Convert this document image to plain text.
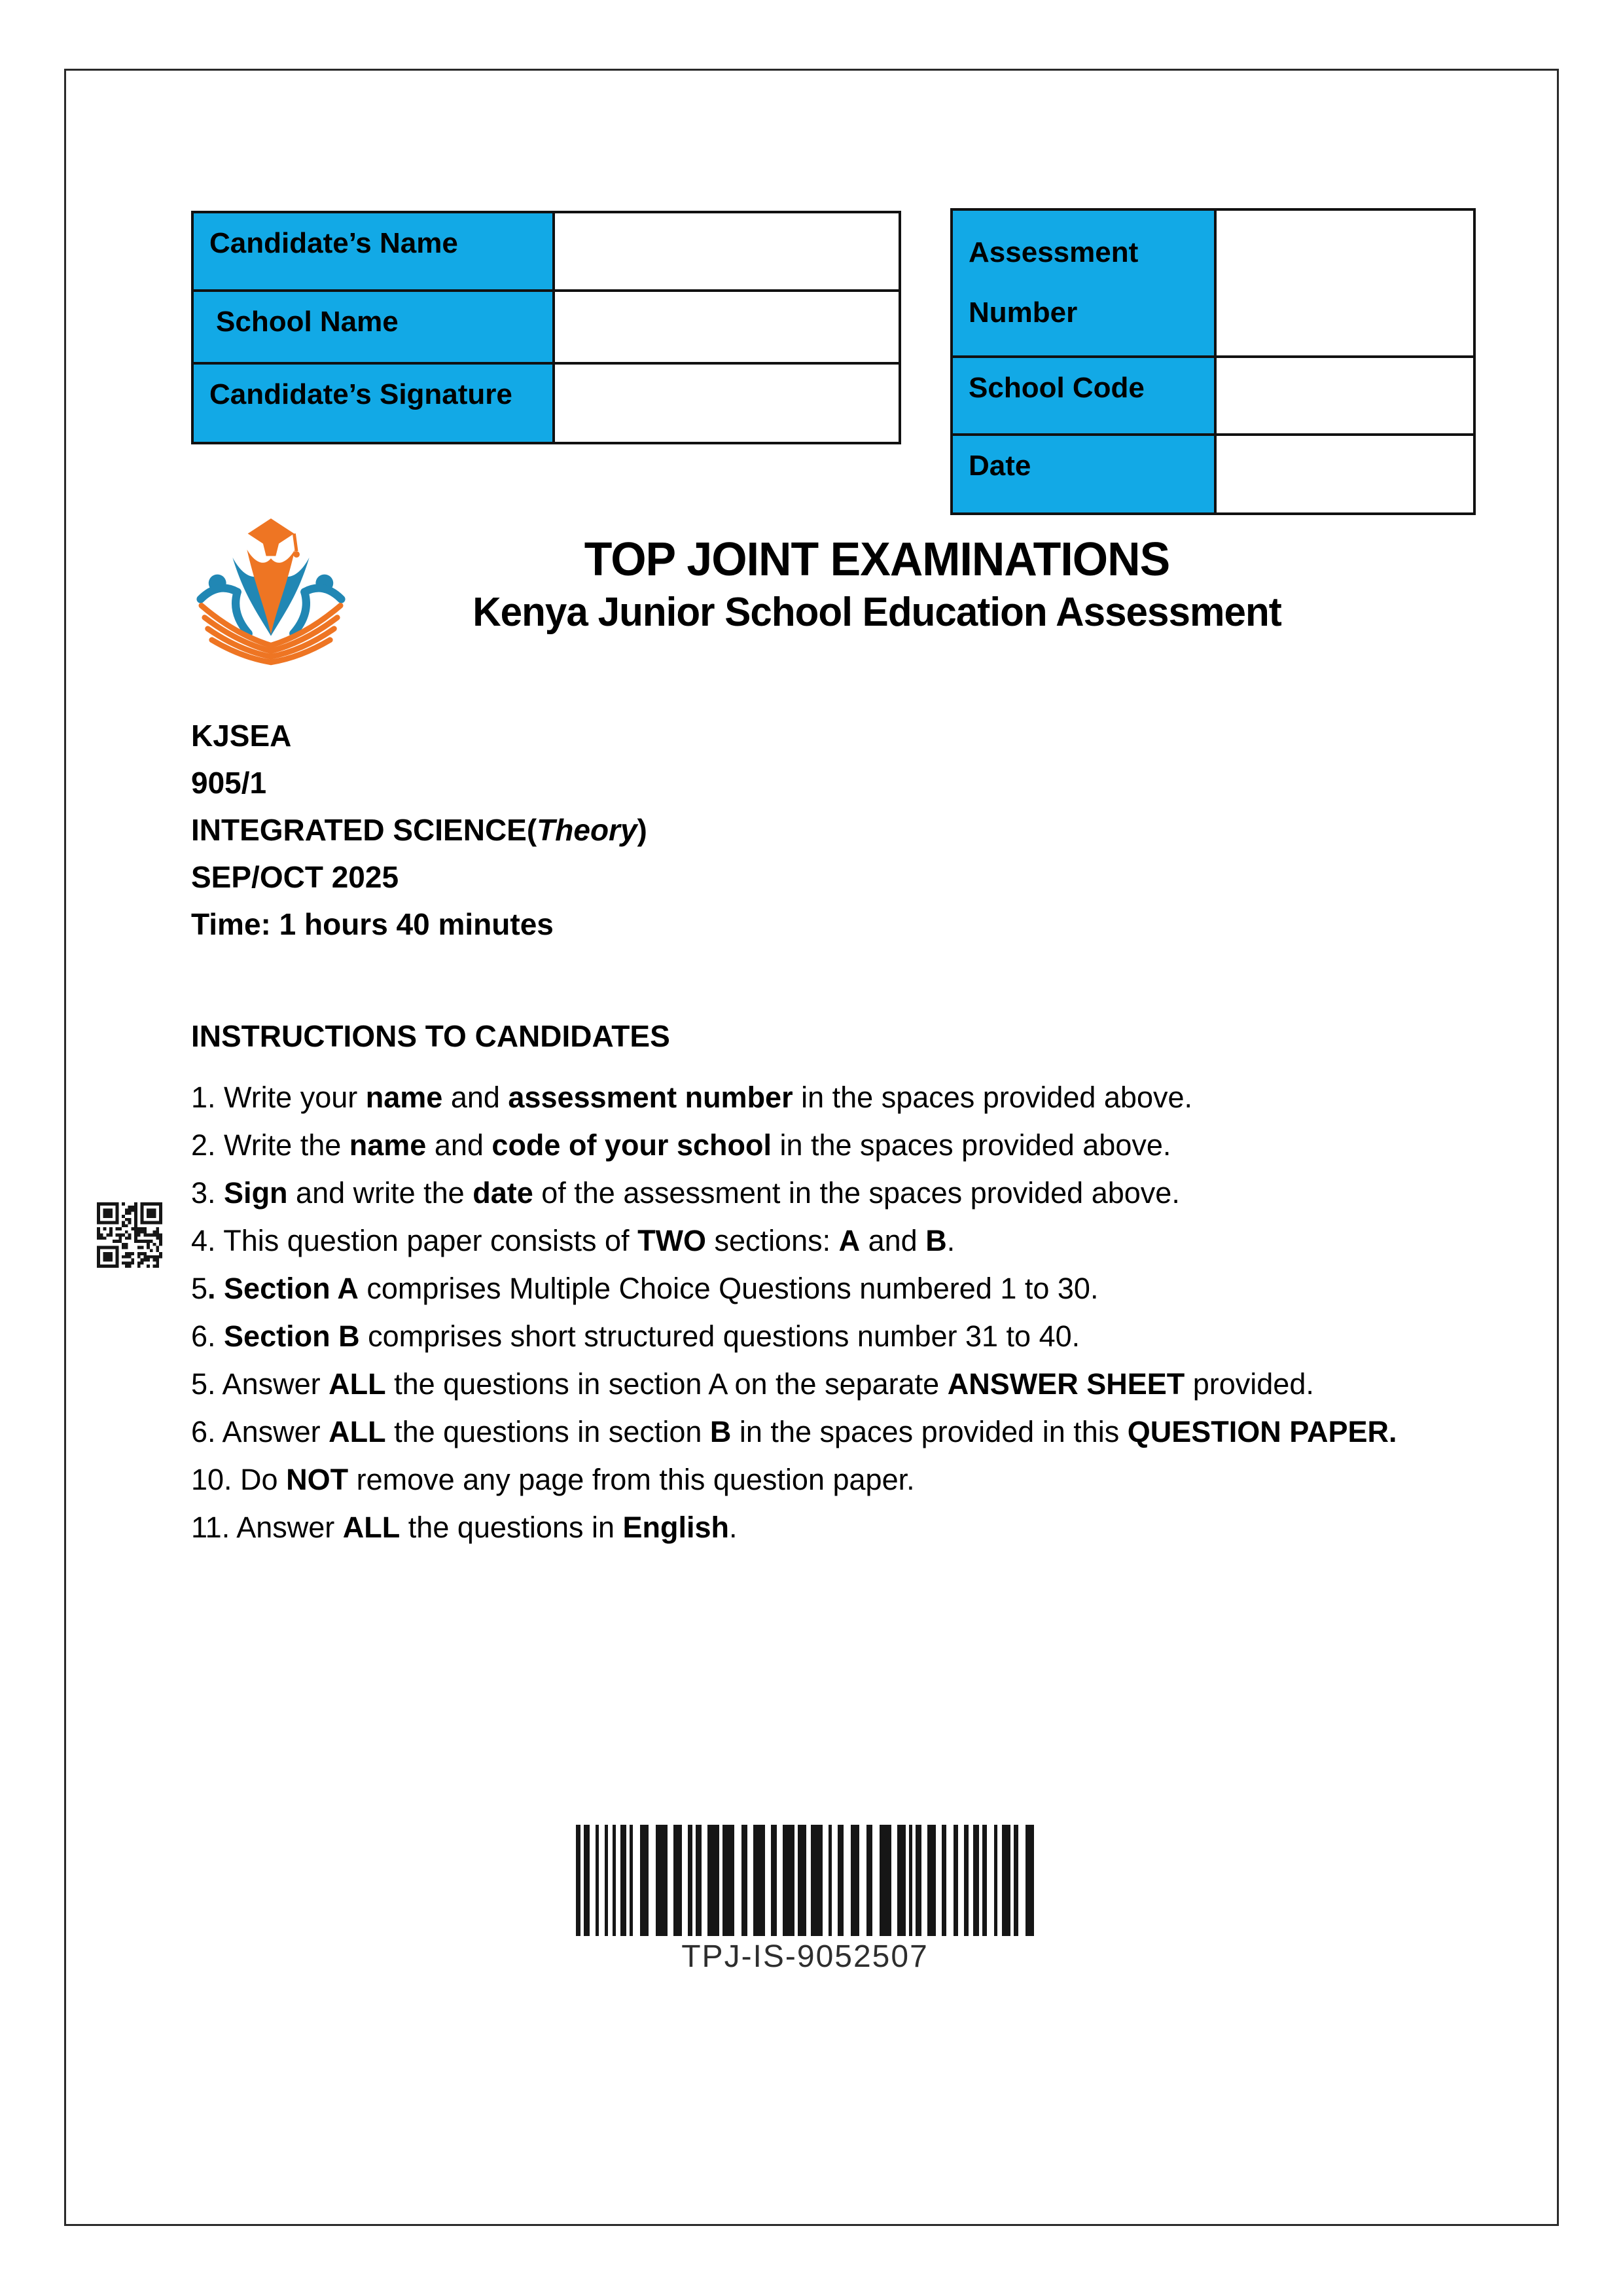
Candidate’s Name	
School Name	
Candidate’s Signature	
Assessment Number	
School Code	
Date	
TOP JOINT EXAMINATIONS
Kenya Junior School Education Assessment
KJSEA
905/1
INTEGRATED SCIENCE(Theory)
SEP/OCT 2025
Time: 1 hours 40 minutes
INSTRUCTIONS TO CANDIDATES
1. Write your name and assessment number in the spaces provided above.
2. Write the name and code of your school in the spaces provided above.
3. Sign and write the date of the assessment in the spaces provided above.
4. This question paper consists of TWO sections: A and B.
5. Section A comprises Multiple Choice Questions numbered 1 to 30.
6. Section B comprises short structured questions number 31 to 40.
5. Answer ALL the questions in section A on the separate ANSWER SHEET provided.
6. Answer ALL the questions in section B in the spaces provided in this QUESTION PAPER.
10. Do NOT remove any page from this question paper.
11. Answer ALL the questions in English.
TPJ-IS-9052507
